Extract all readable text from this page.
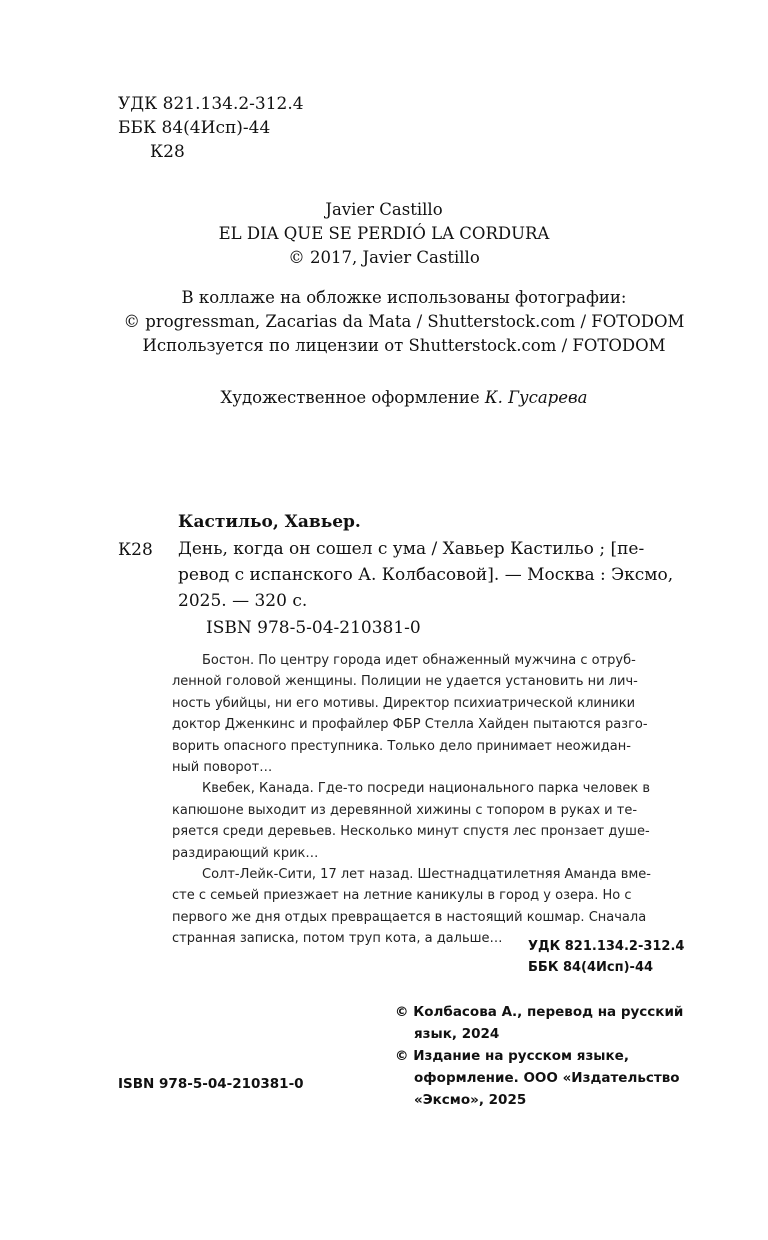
УДК 821.134.2-312.4
ББК 84(4Исп)-44
К28
Javier Castillo
EL DIA QUE SE PERDIÓ LA CORDURA
© 2017, Javier Castillo
В коллаже на обложке использованы фотографии:
© progressman, Zacarias da Mata / Shutterstock.com / FOTODOM
Используется по лицензии от Shutterstock.com / FOTODOM
Художественное оформление К. Гусарева
Кастильо, Хавьер.
К28 День, когда он сошел с ума / Хавьер Кастильо ; [пе-
ревод с испанского А. Колбасовой]. — Москва : Эксмо,
2025. — 320 с.
ISBN 978-5-04-210381-0
Бостон. По центру города идет обнаженный мужчина с отруб-
ленной головой женщины. Полиции не удается установить ни лич-
ность убийцы, ни его мотивы. Директор психиатрической клиники
доктор Дженкинс и профайлер ФБР Стелла Хайден пытаются разго-
ворить опасного преступника. Только дело принимает неожидан-
ный поворот…
Квебек, Канада. Где-то посреди национального парка человек в
капюшоне выходит из деревянной хижины с топором в руках и те-
ряется среди деревьев. Несколько минут спустя лес пронзает душе-
раздирающий крик…
Солт-Лейк-Сити, 17 лет назад. Шестнадцатилетняя Аманда вме-
сте с семьей приезжает на летние каникулы в город у озера. Но с
первого же дня отдых превращается в настоящий кошмар. Сначала
странная записка, потом труп кота, а дальше…
УДК 821.134.2-312.4
ББК 84(4Исп)-44
© Колбасова А., перевод на русский
язык, 2024
© Издание на русском языке,
оформление. ООО «Издательство
«Эксмо», 2025
ISBN 978-5-04-210381-0
